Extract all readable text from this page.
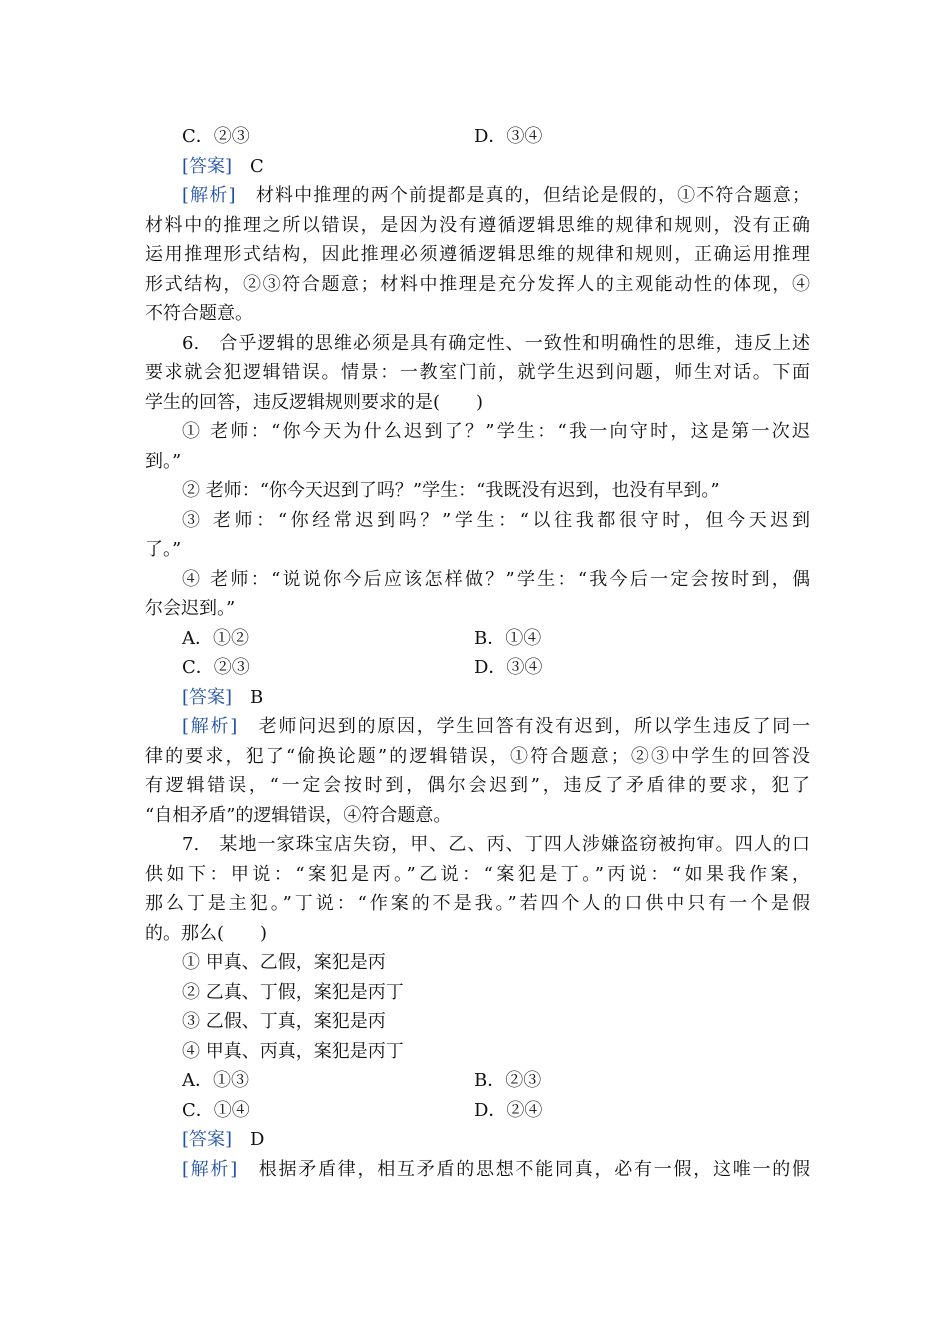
C．②③	D．③④
[答案]　 C
[解析]　 材料中推理的两个前提都是真的，但结论是假的，①不符合题意；
材料中的推理之所以错误，是因为没有遵循逻辑思维的规律和规则，没有正确
运用推理形式结构，因此推理必须遵循逻辑思维的规律和规则，正确运用推理
形式结构，②③符合题意；材料中推理是充分发挥人的主观能动性的体现，④
不符合题意。
6.　合乎逻辑的思维必须是具有确定性、一致性和明确性的思维，违反上述
要求就会犯逻辑错误。情景：一教室门前，就学生迟到问题，师生对话。下面
学生的回答，违反逻辑规则要求的是(　　)
① 老师：“你今天为什么迟到了？”学生：“我一向守时，这是第一次迟
到。”
② 老师：“你今天迟到了吗？”学生：“我既没有迟到，也没有早到。”
③ 老师：“你经常迟到吗？”学生：“以往我都很守时，但今天迟到
了。”
④ 老师：“说说你今后应该怎样做？”学生：“我今后一定会按时到，偶
尔会迟到。”
A．①②	B．①④
C．②③	D．③④
[答案]　 B
[解析]　 老师问迟到的原因，学生回答有没有迟到，所以学生违反了同一
律的要求，犯了“偷换论题”的逻辑错误，①符合题意；②③中学生的回答没
有逻辑错误，“一定会按时到，偶尔会迟到”，违反了矛盾律的要求，犯了
“自相矛盾”的逻辑错误，④符合题意。
7.　某地一家珠宝店失窃，甲、乙、丙、丁四人涉嫌盗窃被拘审。四人的口
供如下：甲说：“案犯是丙。”乙说：“案犯是丁。”丙说：“如果我作案，
那么丁是主犯。”丁说：“作案的不是我。”若四个人的口供中只有一个是假
的。那么(　　)
① 甲真、乙假，案犯是丙
② 乙真、丁假，案犯是丙丁
③ 乙假、丁真，案犯是丙
④ 甲真、丙真，案犯是丙丁
A．①③	B．②③
C．①④	D．②④
[答案]　 D
[解析]　 根据矛盾律，相互矛盾的思想不能同真，必有一假，这唯一的假
